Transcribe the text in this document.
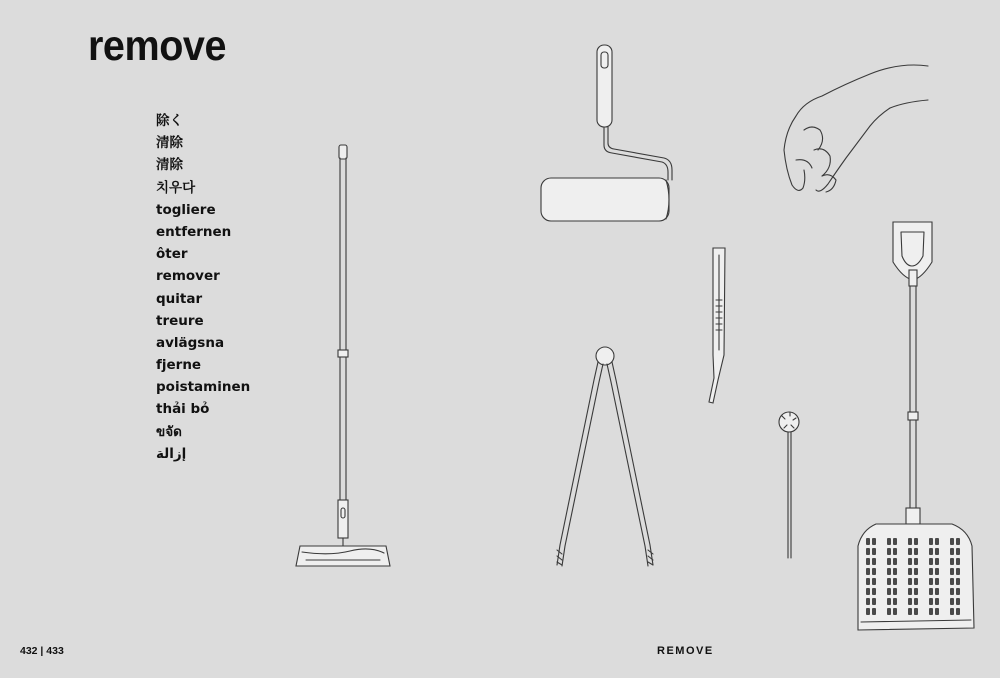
remove
除く
清除
清除
치우다
togliere
entfernen
ôter
remover
quitar
treure
avlägsna
fjerne
poistaminen
thải bỏ
ขจัด
إزالة
432 | 433	REMOVE
